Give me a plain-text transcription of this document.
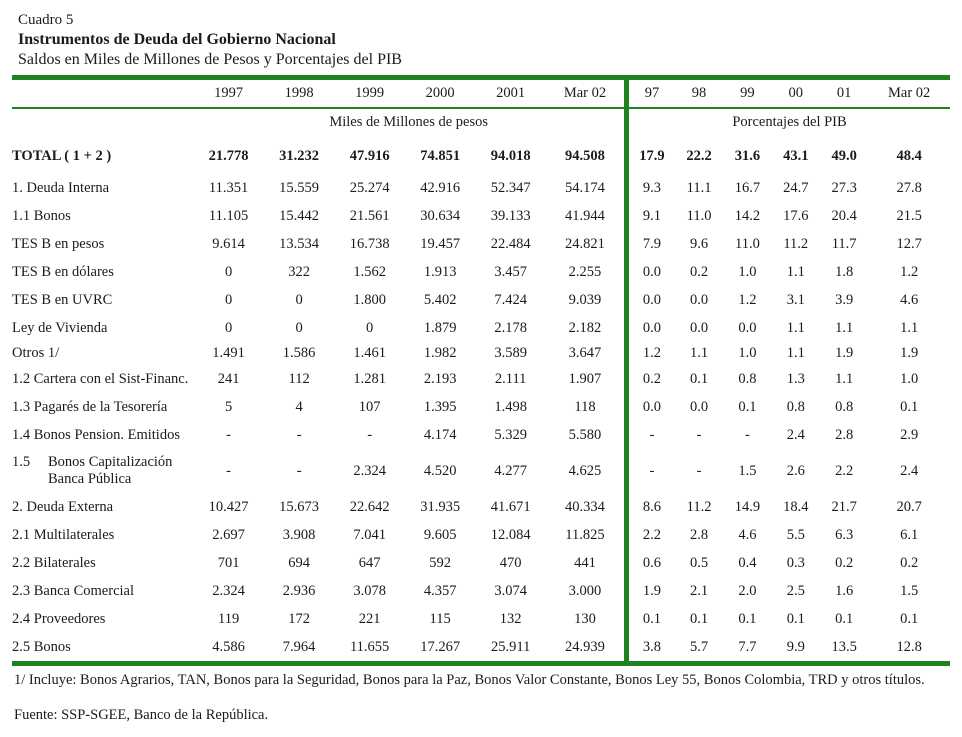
Cuadro 5
Instrumentos de Deuda del Gobierno Nacional
Saldos en Miles de Millones de Pesos y Porcentajes del PIB
	1997	1998	1999	2000	2001	Mar 02	97	98	99	00	01	Mar 02
	Miles de Millones de pesos						Porcentajes del PIB					
TOTAL ( 1 + 2 )	21.778	31.232	47.916	74.851	94.018	94.508	17.9	22.2	31.6	43.1	49.0	48.4
1. Deuda Interna	11.351	15.559	25.274	42.916	52.347	54.174	9.3	11.1	16.7	24.7	27.3	27.8
1.1 Bonos	11.105	15.442	21.561	30.634	39.133	41.944	9.1	11.0	14.2	17.6	20.4	21.5
TES B en pesos	9.614	13.534	16.738	19.457	22.484	24.821	7.9	9.6	11.0	11.2	11.7	12.7
TES B en dólares	0	322	1.562	1.913	3.457	2.255	0.0	0.2	1.0	1.1	1.8	1.2
TES B en UVRC	0	0	1.800	5.402	7.424	9.039	0.0	0.0	1.2	3.1	3.9	4.6
Ley de Vivienda	0	0	0	1.879	2.178	2.182	0.0	0.0	0.0	1.1	1.1	1.1
Otros 1/	1.491	1.586	1.461	1.982	3.589	3.647	1.2	1.1	1.0	1.1	1.9	1.9
1.2 Cartera con el Sist-Financ.	241	112	1.281	2.193	2.111	1.907	0.2	0.1	0.8	1.3	1.1	1.0
1.3 Pagarés de la Tesorería	5	4	107	1.395	1.498	118	0.0	0.0	0.1	0.8	0.8	0.1
1.4 Bonos Pension. Emitidos	-	-	-	4.174	5.329	5.580	-	-	-	2.4	2.8	2.9
1.5 Bonos Capitalización
Banca Pública	-	-	2.324	4.520	4.277	4.625	-	-	1.5	2.6	2.2	2.4
2. Deuda Externa	10.427	15.673	22.642	31.935	41.671	40.334	8.6	11.2	14.9	18.4	21.7	20.7
2.1 Multilaterales	2.697	3.908	7.041	9.605	12.084	11.825	2.2	2.8	4.6	5.5	6.3	6.1
2.2 Bilaterales	701	694	647	592	470	441	0.6	0.5	0.4	0.3	0.2	0.2
2.3 Banca Comercial	2.324	2.936	3.078	4.357	3.074	3.000	1.9	2.1	2.0	2.5	1.6	1.5
2.4 Proveedores	119	172	221	115	132	130	0.1	0.1	0.1	0.1	0.1	0.1
2.5 Bonos	4.586	7.964	11.655	17.267	25.911	24.939	3.8	5.7	7.7	9.9	13.5	12.8
1/ Incluye: Bonos Agrarios, TAN, Bonos para la Seguridad, Bonos para la Paz, Bonos Valor Constante, Bonos Ley 55, Bonos Colombia, TRD y otros títulos.
Fuente: SSP-SGEE, Banco de la República.
